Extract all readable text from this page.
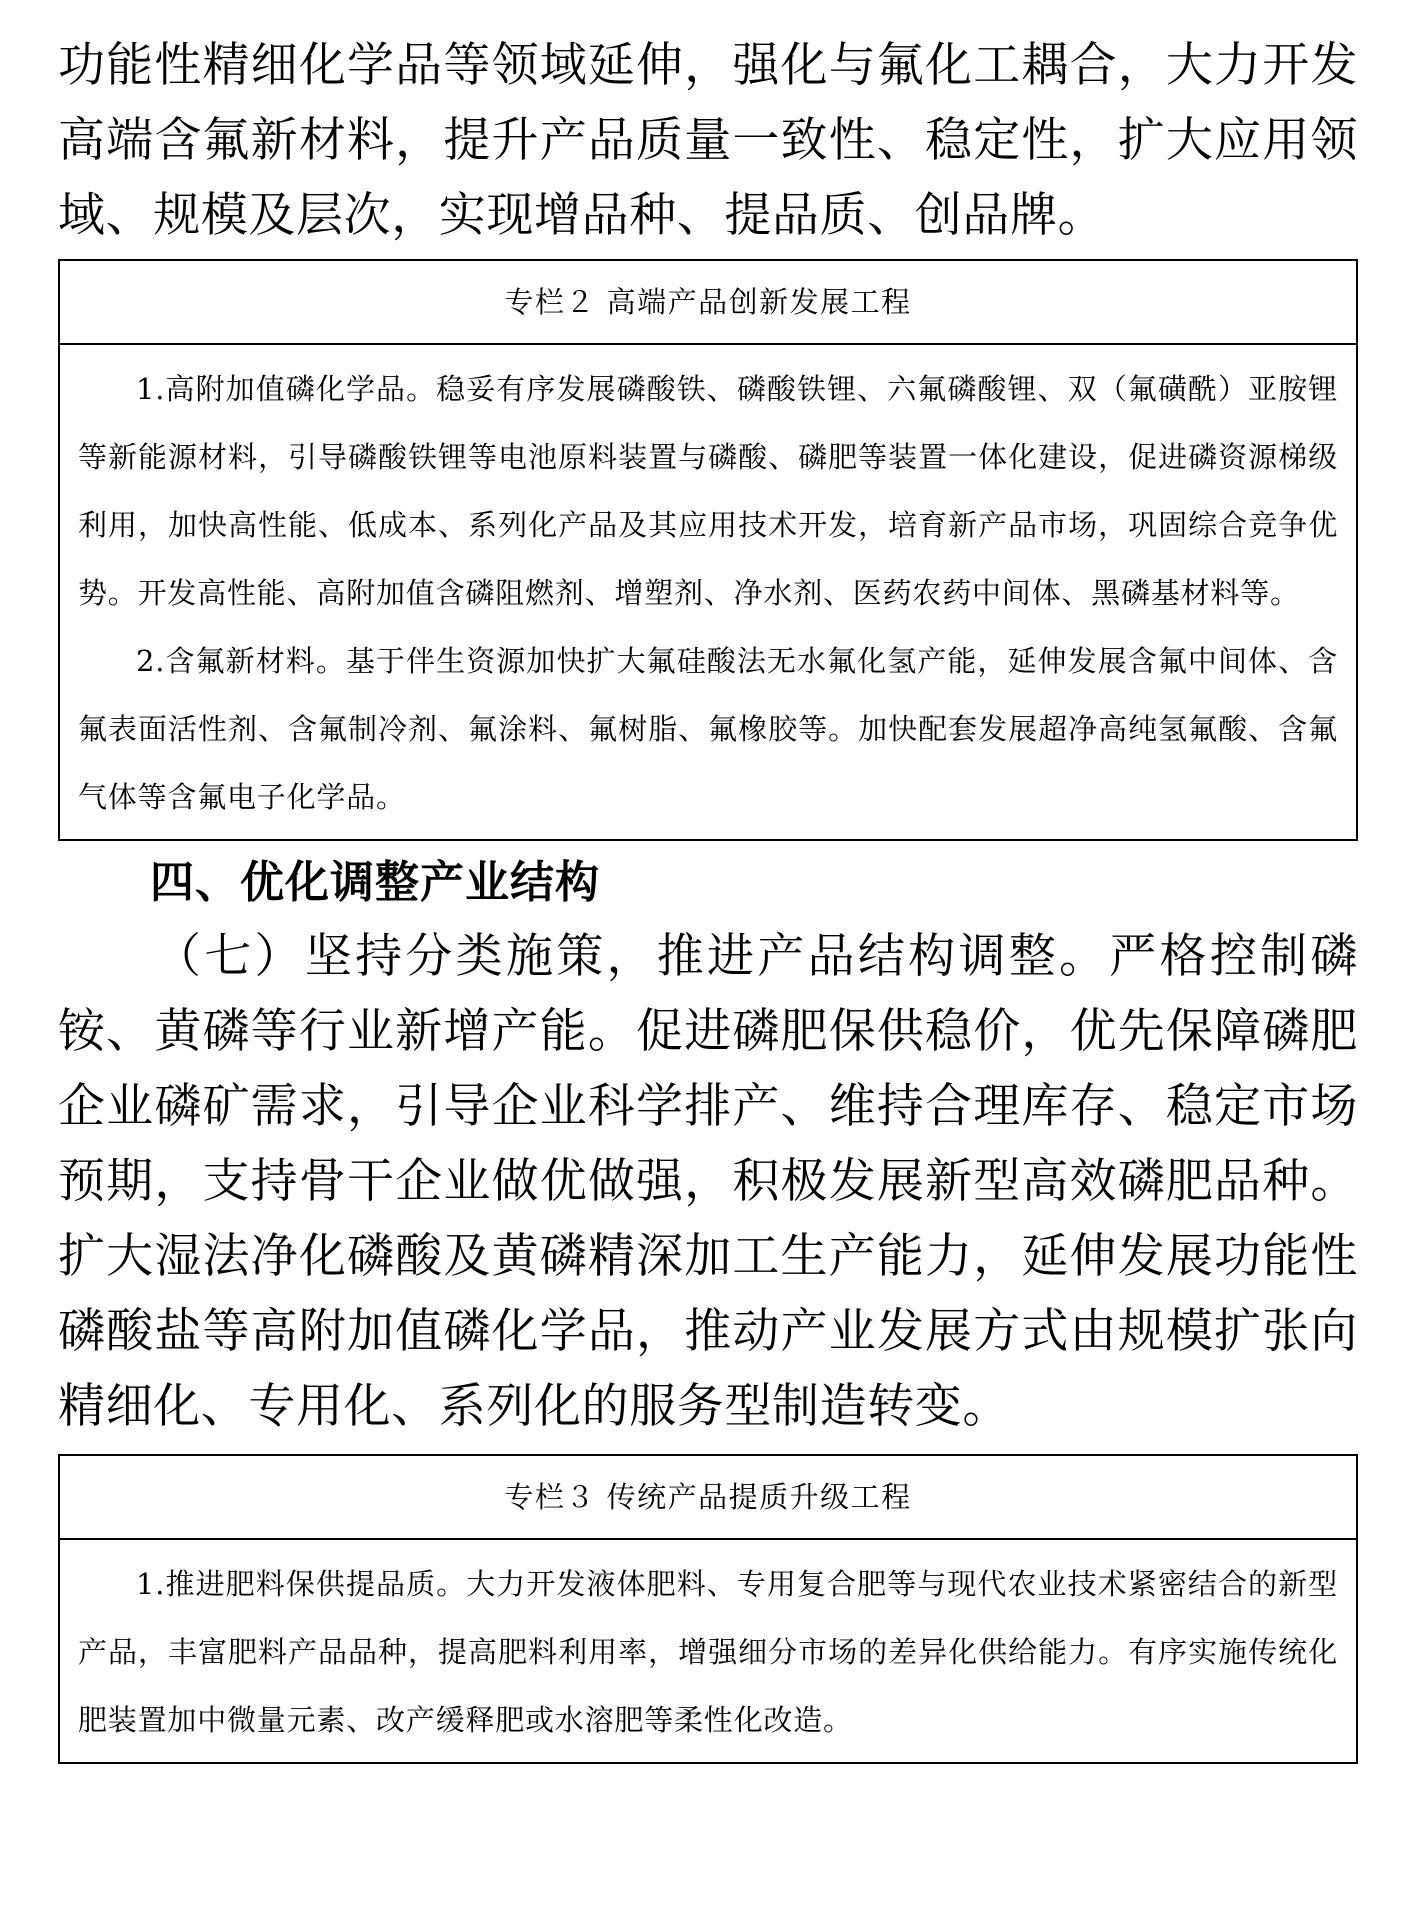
功能性精细化学品等领域延伸，强化与氟化工耦合，大力开发高端含氟新材料，提升产品质量一致性、稳定性，扩大应用领域、规模及层次，实现增品种、提品质、创品牌。

专栏２ 高端产品创新发展工程

1.高附加值磷化学品。稳妥有序发展磷酸铁、磷酸铁锂、六氟磷酸锂、双（氟磺酰）亚胺锂等新能源材料，引导磷酸铁锂等电池原料装置与磷酸、磷肥等装置一体化建设，促进磷资源梯级利用，加快高性能、低成本、系列化产品及其应用技术开发，培育新产品市场，巩固综合竞争优势。开发高性能、高附加值含磷阻燃剂、增塑剂、净水剂、医药农药中间体、黑磷基材料等。

2.含氟新材料。基于伴生资源加快扩大氟硅酸法无水氟化氢产能，延伸发展含氟中间体、含氟表面活性剂、含氟制冷剂、氟涂料、氟树脂、氟橡胶等。加快配套发展超净高纯氢氟酸、含氟气体等含氟电子化学品。

四、优化调整产业结构

（七）坚持分类施策，推进产品结构调整。严格控制磷铵、黄磷等行业新增产能。促进磷肥保供稳价，优先保障磷肥企业磷矿需求，引导企业科学排产、维持合理库存、稳定市场预期，支持骨干企业做优做强，积极发展新型高效磷肥品种。扩大湿法净化磷酸及黄磷精深加工生产能力，延伸发展功能性磷酸盐等高附加值磷化学品，推动产业发展方式由规模扩张向精细化、专用化、系列化的服务型制造转变。

专栏３ 传统产品提质升级工程

1.推进肥料保供提品质。大力开发液体肥料、专用复合肥等与现代农业技术紧密结合的新型产品，丰富肥料产品品种，提高肥料利用率，增强细分市场的差异化供给能力。有序实施传统化肥装置加中微量元素、改产缓释肥或水溶肥等柔性化改造。
